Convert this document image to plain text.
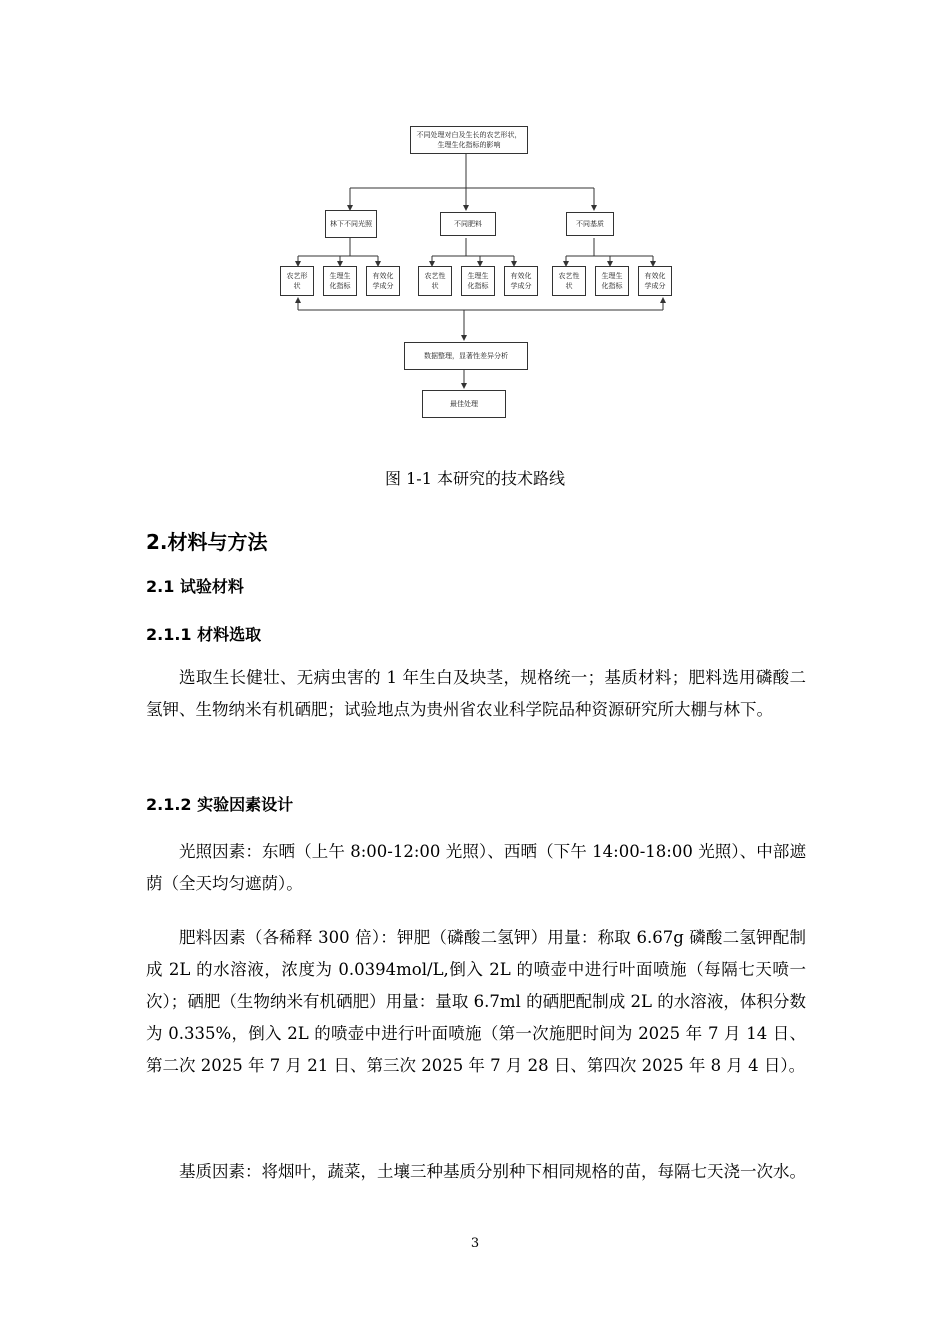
不同处理对白及生长的农艺形状，生理生化指标的影响
林下不同光照	不同肥料	不同基质
农艺形状
生理生化指标
有效化学成分
农艺性状
生理生化指标
有效化学成分
农艺性状
生理生化指标
有效化学成分
数据整理，显著性差异分析
最佳处理
图 1-1 本研究的技术路线
2.材料与方法
2.1 试验材料
2.1.1 材料选取
选取生长健壮、无病虫害的 1 年生白及块茎，规格统一；基质材料；肥料选用磷酸二氢钾、生物纳米有机硒肥；试验地点为贵州省农业科学院品种资源研究所大棚与林下。
2.1.2 实验因素设计
光照因素：东晒（上午 8:00-12:00 光照）、西晒（下午 14:00-18:00 光照）、中部遮荫（全天均匀遮荫）。
肥料因素（各稀释 300 倍）：钾肥（磷酸二氢钾）用量：称取 6.67g 磷酸二氢钾配制成 2L 的水溶液，浓度为 0.0394mol/L,倒入 2L 的喷壶中进行叶面喷施（每隔七天喷一次）；硒肥（生物纳米有机硒肥）用量：量取 6.7ml 的硒肥配制成 2L 的水溶液，体积分数为 0.335%，倒入 2L 的喷壶中进行叶面喷施（第一次施肥时间为 2025 年 7 月 14 日、第二次 2025 年 7 月 21 日、第三次 2025 年 7 月 28 日、第四次 2025 年 8 月 4 日）。
基质因素：将烟叶，蔬菜，土壤三种基质分别种下相同规格的苗，每隔七天浇一次水。
3
